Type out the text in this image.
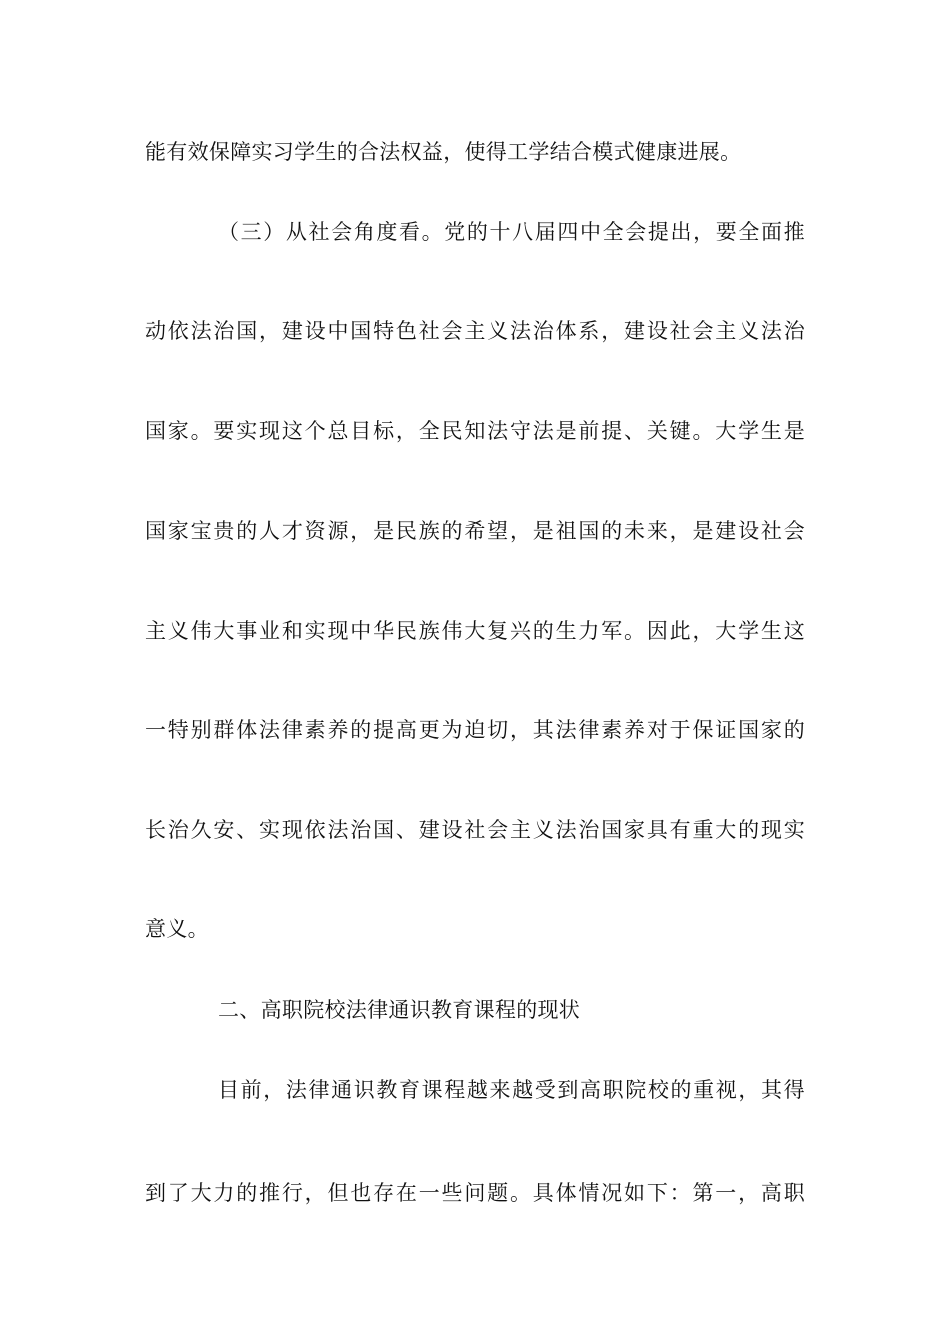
能有效保障实习学生的合法权益，使得工学结合模式健康进展。
（三）从社会角度看。党的十八届四中全会提出，要全面推
动依法治国，建设中国特色社会主义法治体系，建设社会主义法治
国家。要实现这个总目标，全民知法守法是前提、关键。大学生是
国家宝贵的人才资源，是民族的希望，是祖国的未来，是建设社会
主义伟大事业和实现中华民族伟大复兴的生力军。因此，大学生这
一特别群体法律素养的提高更为迫切，其法律素养对于保证国家的
长治久安、实现依法治国、建设社会主义法治国家具有重大的现实
意义。
二、高职院校法律通识教育课程的现状
目前，法律通识教育课程越来越受到高职院校的重视，其得
到了大力的推行，但也存在一些问题。具体情况如下：第一，高职
